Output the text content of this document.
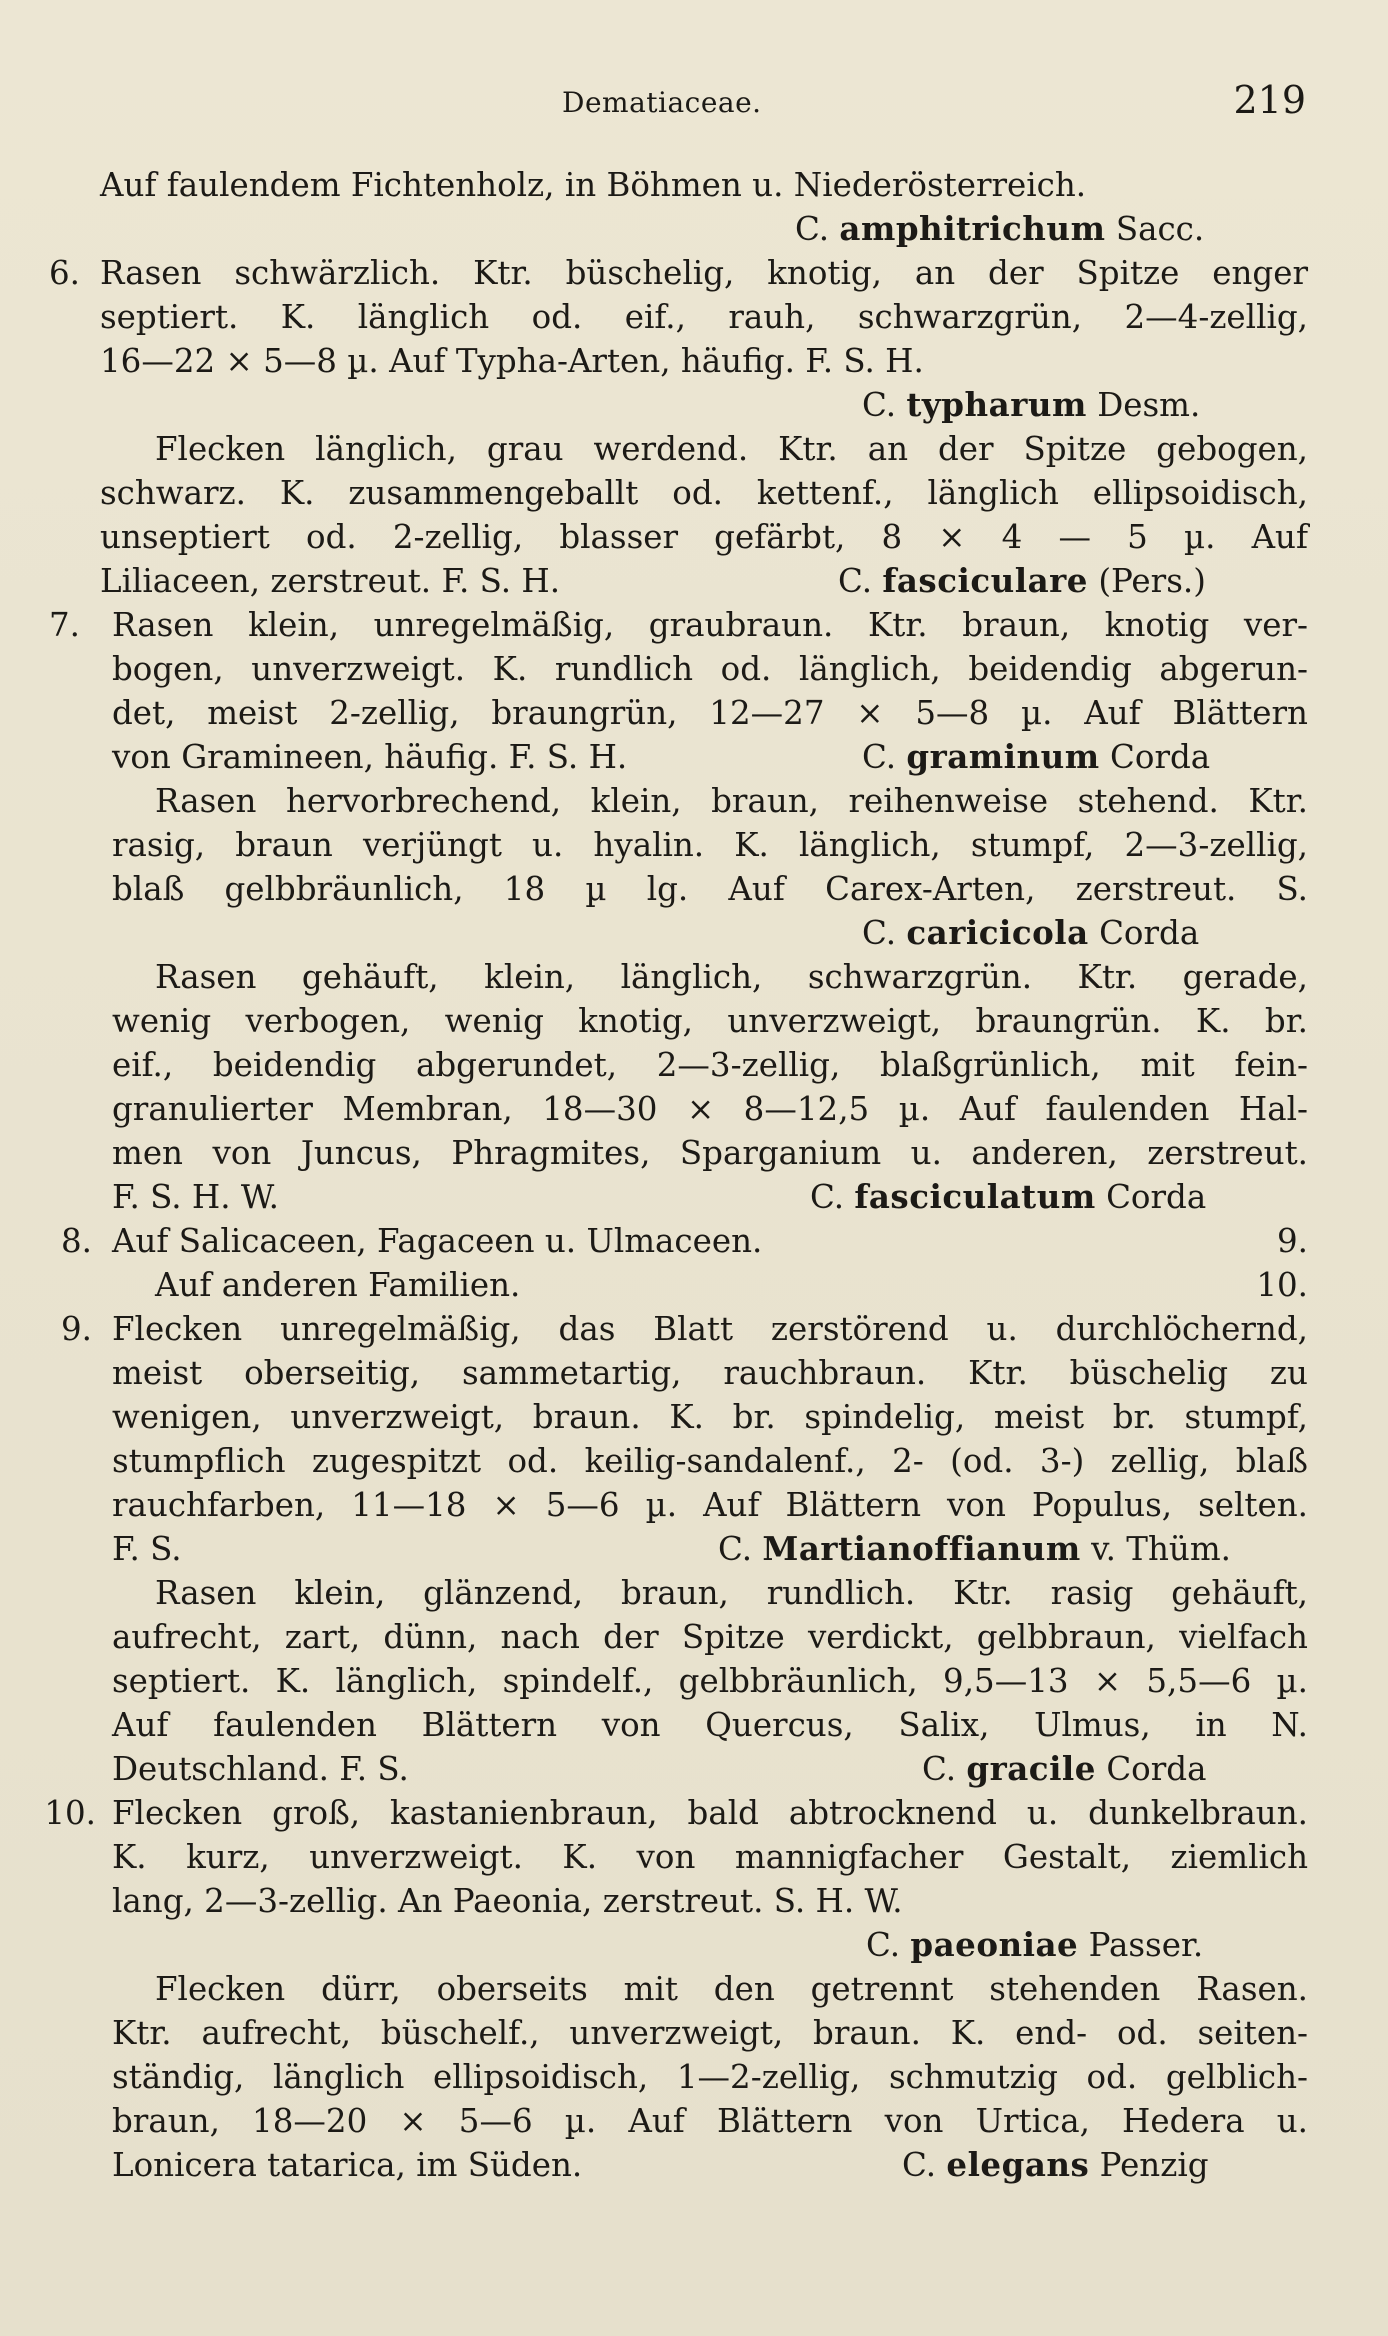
Dematiaceae.	219
Auf faulendem Fichtenholz, in Böhmen u. Niederösterreich.
C. amphitrichum Sacc.
6. Rasen schwärzlich. Ktr. büschelig, knotig, an der Spitze enger
septiert. K. länglich od. eif., rauh, schwarzgrün, 2—4-zellig,
16—22 × 5—8 µ. Auf Typha-Arten, häufig. F. S. H.
C. typharum Desm.
Flecken länglich, grau werdend. Ktr. an der Spitze gebogen,
schwarz. K. zusammengeballt od. kettenf., länglich ellipsoidisch,
unseptiert od. 2-zellig, blasser gefärbt, 8 × 4 — 5 µ. Auf
Liliaceen, zerstreut. F. S. H.	C. fasciculare (Pers.)
7. Rasen klein, unregelmäßig, graubraun. Ktr. braun, knotig ver-
bogen, unverzweigt. K. rundlich od. länglich, beidendig abgerun-
det, meist 2-zellig, braungrün, 12—27 × 5—8 µ. Auf Blättern
von Gramineen, häufig. F. S. H.	C. graminum Corda
Rasen hervorbrechend, klein, braun, reihenweise stehend. Ktr.
rasig, braun verjüngt u. hyalin. K. länglich, stumpf, 2—3-zellig,
blaß gelbbräunlich, 18 µ lg. Auf Carex-Arten, zerstreut. S.
C. caricicola Corda
Rasen gehäuft, klein, länglich, schwarzgrün. Ktr. gerade,
wenig verbogen, wenig knotig, unverzweigt, braungrün. K. br.
eif., beidendig abgerundet, 2—3-zellig, blaßgrünlich, mit fein-
granulierter Membran, 18—30 × 8—12,5 µ. Auf faulenden Hal-
men von Juncus, Phragmites, Sparganium u. anderen, zerstreut.
F. S. H. W.	C. fasciculatum Corda
8. Auf Salicaceen, Fagaceen u. Ulmaceen.	9.
Auf anderen Familien.	10.
9. Flecken unregelmäßig, das Blatt zerstörend u. durchlöchernd,
meist oberseitig, sammetartig, rauchbraun. Ktr. büschelig zu
wenigen, unverzweigt, braun. K. br. spindelig, meist br. stumpf,
stumpflich zugespitzt od. keilig-sandalenf., 2- (od. 3-) zellig, blaß
rauchfarben, 11—18 × 5—6 µ. Auf Blättern von Populus, selten.
F. S.	C. Martianoffianum v. Thüm.
Rasen klein, glänzend, braun, rundlich. Ktr. rasig gehäuft,
aufrecht, zart, dünn, nach der Spitze verdickt, gelbbraun, vielfach
septiert. K. länglich, spindelf., gelbbräunlich, 9,5—13 × 5,5—6 µ.
Auf faulenden Blättern von Quercus, Salix, Ulmus, in N.
Deutschland. F. S.	C. gracile Corda
10. Flecken groß, kastanienbraun, bald abtrocknend u. dunkelbraun.
K. kurz, unverzweigt. K. von mannigfacher Gestalt, ziemlich
lang, 2—3-zellig. An Paeonia, zerstreut. S. H. W.
C. paeoniae Passer.
Flecken dürr, oberseits mit den getrennt stehenden Rasen.
Ktr. aufrecht, büschelf., unverzweigt, braun. K. end- od. seiten-
ständig, länglich ellipsoidisch, 1—2-zellig, schmutzig od. gelblich-
braun, 18—20 × 5—6 µ. Auf Blättern von Urtica, Hedera u.
Lonicera tatarica, im Süden.	C. elegans Penzig
